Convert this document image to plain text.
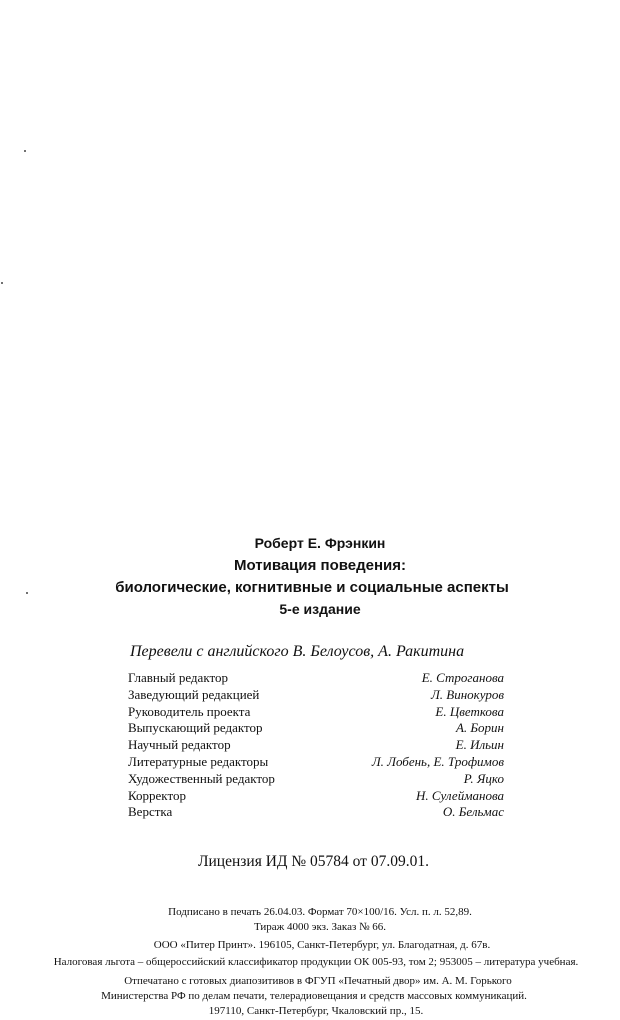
Роберт Е. Фрэнкин
Мотивация поведения:
биологические, когнитивные и социальные аспекты
5-е издание
Перевели с английского В. Белоусов, А. Ракитина
Главный редактор	Е. Строганова
Заведующий редакцией	Л. Винокуров
Руководитель проекта	Е. Цветкова
Выпускающий редактор	А. Борин
Научный редактор	Е. Ильин
Литературные редакторы	Л. Лобень, Е. Трофимов
Художественный редактор	Р. Яцко
Корректор	Н. Сулейманова
Верстка	О. Бельмас
Лицензия ИД № 05784 от 07.09.01.
Подписано в печать 26.04.03. Формат 70×100/16. Усл. п. л. 52,89.
Тираж 4000 экз. Заказ № 66.
ООО «Питер Принт». 196105, Санкт-Петербург, ул. Благодатная, д. 67в.
Налоговая льгота – общероссийский классификатор продукции ОК 005-93, том 2; 953005 – литература учебная.
Отпечатано с готовых диапозитивов в ФГУП «Печатный двор» им. А. М. Горького
Министерства РФ по делам печати, телерадиовещания и средств массовых коммуникаций.
197110, Санкт-Петербург, Чкаловский пр., 15.
